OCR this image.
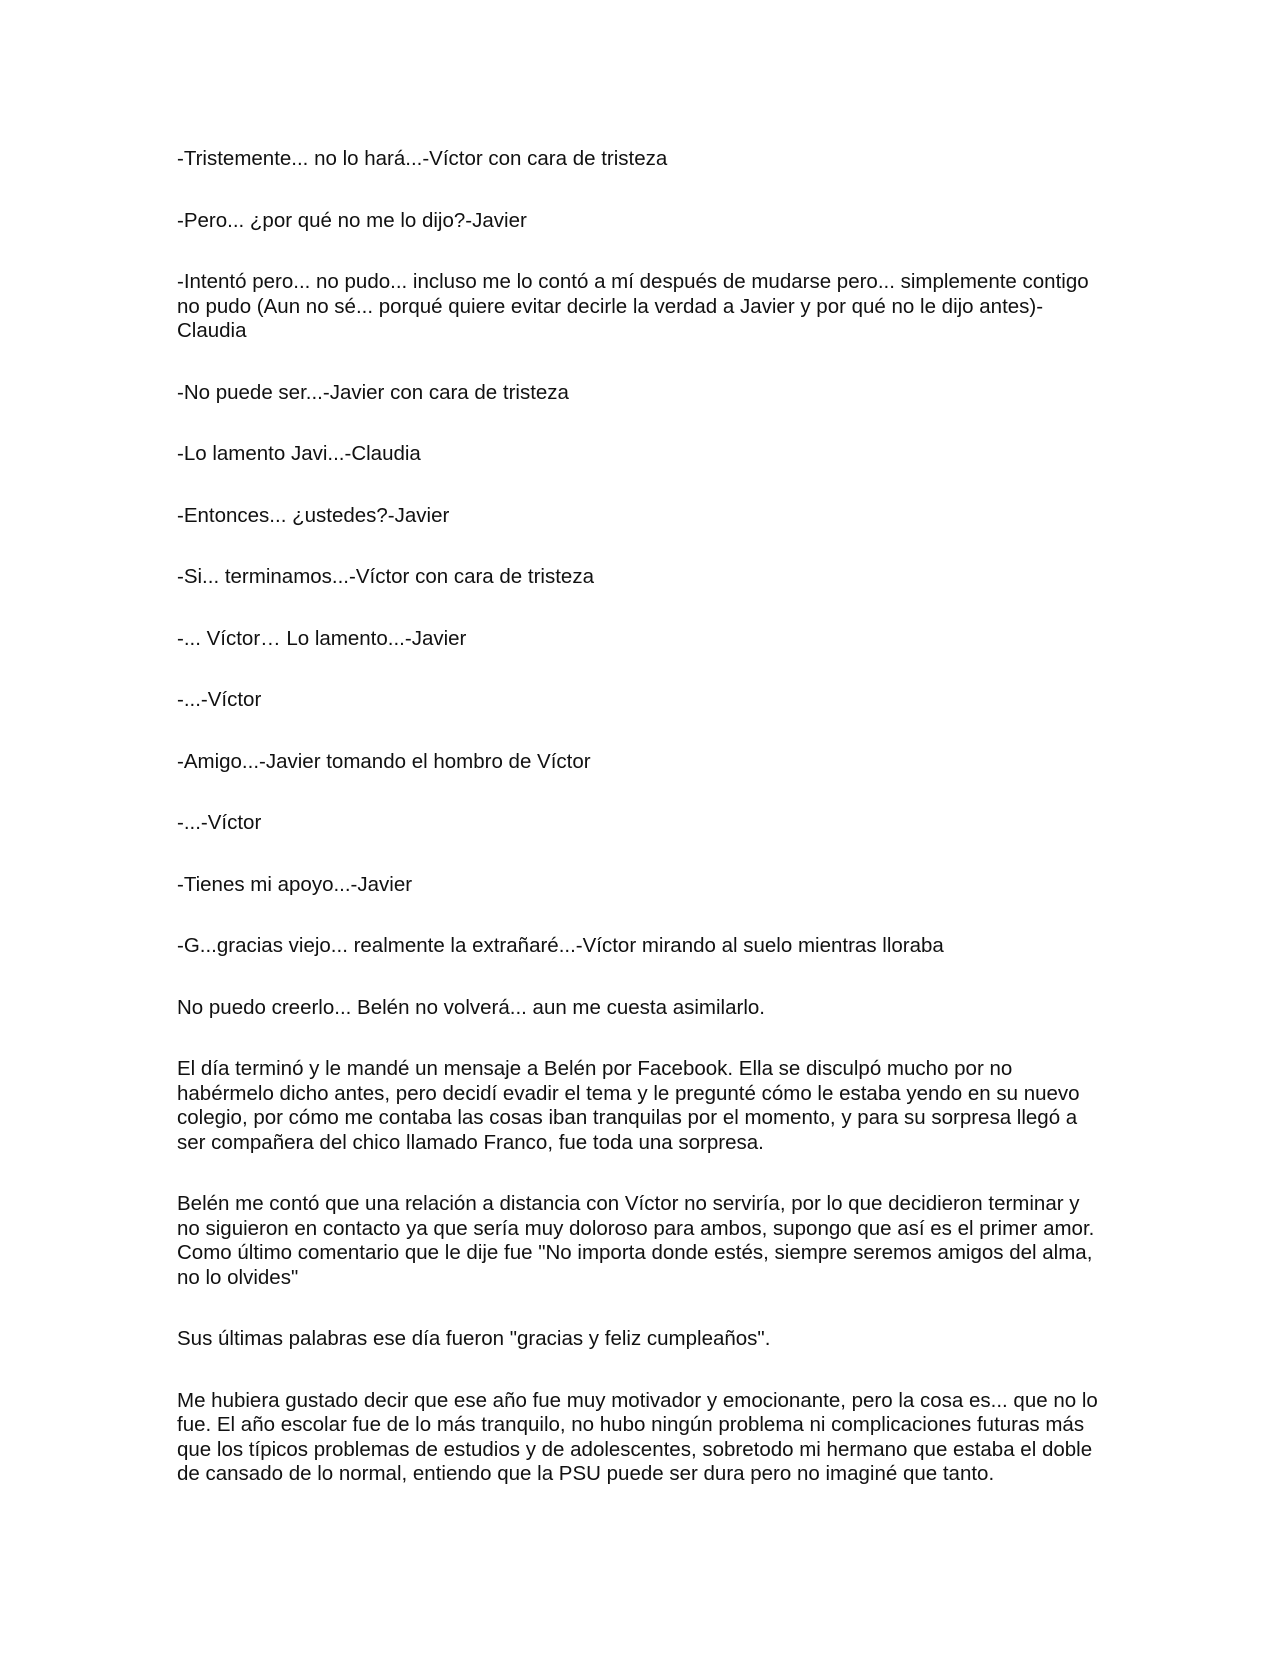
-Tristemente... no lo hará...-Víctor con cara de tristeza

-Pero... ¿por qué no me lo dijo?-Javier

-Intentó pero... no pudo... incluso me lo contó a mí después de mudarse pero... simplemente contigo no pudo (Aun no sé... porqué quiere evitar decirle la verdad a Javier y por qué no le dijo antes)-Claudia

-No puede ser...-Javier con cara de tristeza

-Lo lamento Javi...-Claudia

-Entonces... ¿ustedes?-Javier

-Si... terminamos...-Víctor con cara de tristeza

-... Víctor… Lo lamento...-Javier

-...-Víctor

-Amigo...-Javier tomando el hombro de Víctor

-...-Víctor

-Tienes mi apoyo...-Javier

-G...gracias viejo... realmente la extrañaré...-Víctor mirando al suelo mientras lloraba

No puedo creerlo... Belén no volverá... aun me cuesta asimilarlo.

El día terminó y le mandé un mensaje a Belén por Facebook. Ella se disculpó mucho por no habérmelo dicho antes, pero decidí evadir el tema y le pregunté cómo le estaba yendo en su nuevo colegio, por cómo me contaba las cosas iban tranquilas por el momento, y para su sorpresa llegó a ser compañera del chico llamado Franco, fue toda una sorpresa.

Belén me contó que una relación a distancia con Víctor no serviría, por lo que decidieron terminar y no siguieron en contacto ya que sería muy doloroso para ambos, supongo que así es el primer amor. Como último comentario que le dije fue "No importa donde estés, siempre seremos amigos del alma, no lo olvides"

Sus últimas palabras ese día fueron "gracias y feliz cumpleaños".

Me hubiera gustado decir que ese año fue muy motivador y emocionante, pero la cosa es... que no lo fue. El año escolar fue de lo más tranquilo, no hubo ningún problema ni complicaciones futuras más que los típicos problemas de estudios y de adolescentes, sobretodo mi hermano que estaba el doble de cansado de lo normal, entiendo que la PSU puede ser dura pero no imaginé que tanto.
